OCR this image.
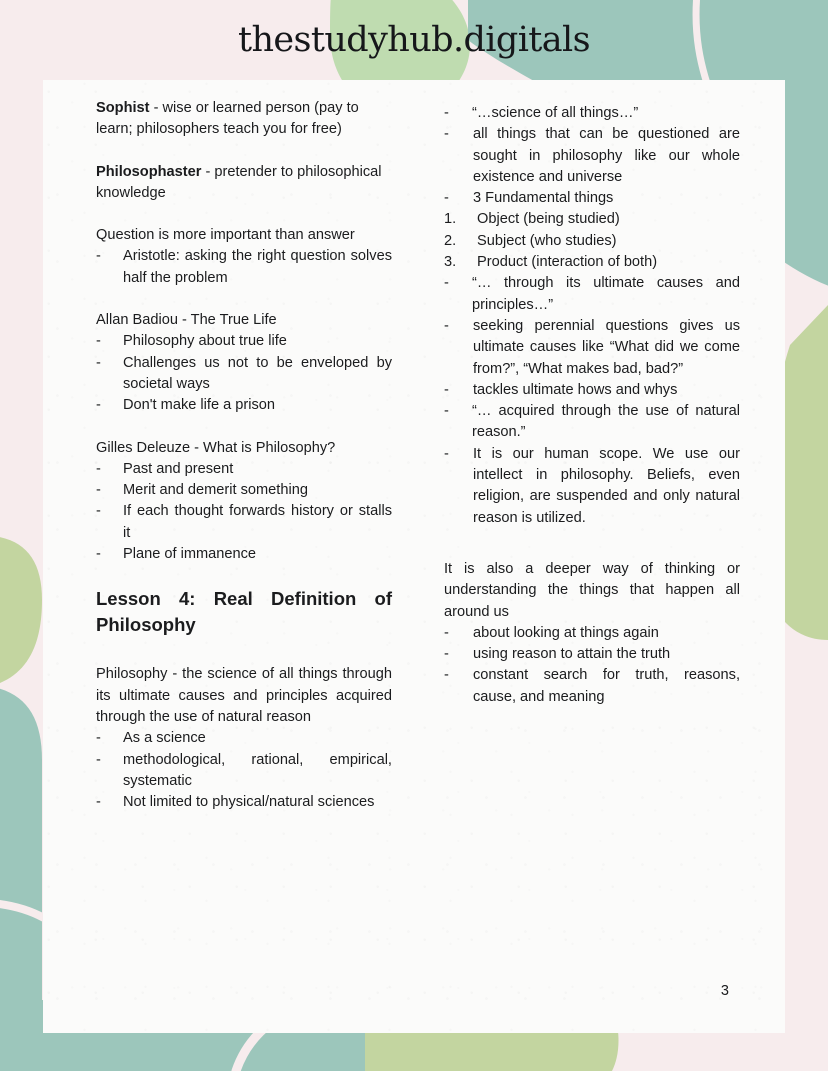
thestudyhub.digitals

Sophist - wise or learned person (pay to
learn; philosophers teach you for free)

Philosophaster - pretender to philosophical knowledge

Question is more important than answer

-	Aristotle: asking the right question solves half the problem

Allan Badiou - The True Life

-	Philosophy about true life
-	Challenges us not to be enveloped by societal ways
-	Don't make life a prison

Gilles Deleuze - What is Philosophy?

-	Past and present
-	Merit and demerit something
-	If each thought forwards history or stalls it
-	Plane of immanence
Lesson 4: Real Definition of Philosophy

Philosophy - the science of all things through its ultimate causes and principles acquired through the use of natural reason

-	As a science
-	methodological, rational, empirical, systematic
-	Not limited to physical/natural sciences
-	“…science of all things…”
-	all things that can be questioned are sought in philosophy like our whole existence and universe
-	3 Fundamental things
1.	Object (being studied)
2.	Subject (who studies)
3.	Product (interaction of both)
-	“… through its ultimate causes and principles…”
-	seeking perennial questions gives us ultimate causes like “What did we come from?”, “What makes bad, bad?”
-	tackles ultimate hows and whys
-	“… acquired through the use of natural reason.”
-	It is our human scope. We use our intellect in philosophy. Beliefs, even religion, are suspended and only natural reason is utilized.

It is also a deeper way of thinking or understanding the things that happen all around us

-	about looking at things again
-	using reason to attain the truth
-	constant search for truth, reasons, cause, and meaning
3
